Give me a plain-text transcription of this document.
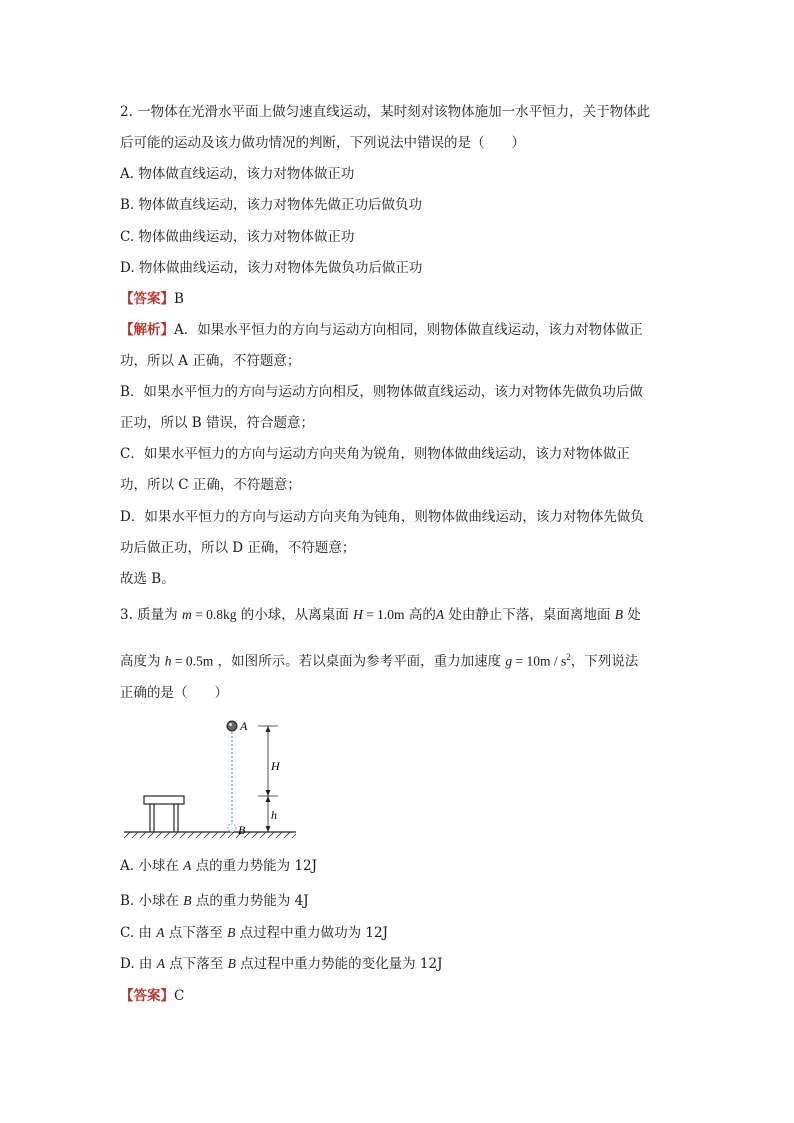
2. 一物体在光滑水平面上做匀速直线运动，某时刻对该物体施加一水平恒力，关于物体此
后可能的运动及该力做功情况的判断，下列说法中错误的是（　　）
A. 物体做直线运动，该力对物体做正功
B. 物体做直线运动，该力对物体先做正功后做负功
C. 物体做曲线运动，该力对物体做正功
D. 物体做曲线运动，该力对物体先做负功后做正功
【答案】B
【解析】A．如果水平恒力的方向与运动方向相同，则物体做直线运动，该力对物体做正
功，所以 A 正确，不符题意；
B．如果水平恒力的方向与运动方向相反，则物体做直线运动，该力对物体先做负功后做
正功，所以 B 错误，符合题意；
C．如果水平恒力的方向与运动方向夹角为锐角，则物体做曲线运动，该力对物体做正
功，所以 C 正确，不符题意；
D．如果水平恒力的方向与运动方向夹角为钝角，则物体做曲线运动，该力对物体先做负
功后做正功，所以 D 正确，不符题意；
故选 B。
3. 质量为 m = 0.8kg 的小球，从离桌面 H = 1.0m 高的A 处由静止下落，桌面离地面 B 处
高度为 h = 0.5m ，如图所示。若以桌面为参考平面，重力加速度 $g = 10m / s^2$，下列说法
正确的是（　　）
A
B
H
h
A. 小球在 A 点的重力势能为 12J
B. 小球在 B 点的重力势能为 4J
C. 由 A 点下落至 B 点过程中重力做功为 12J
D. 由 A 点下落至 B 点过程中重力势能的变化量为 12J
【答案】C
